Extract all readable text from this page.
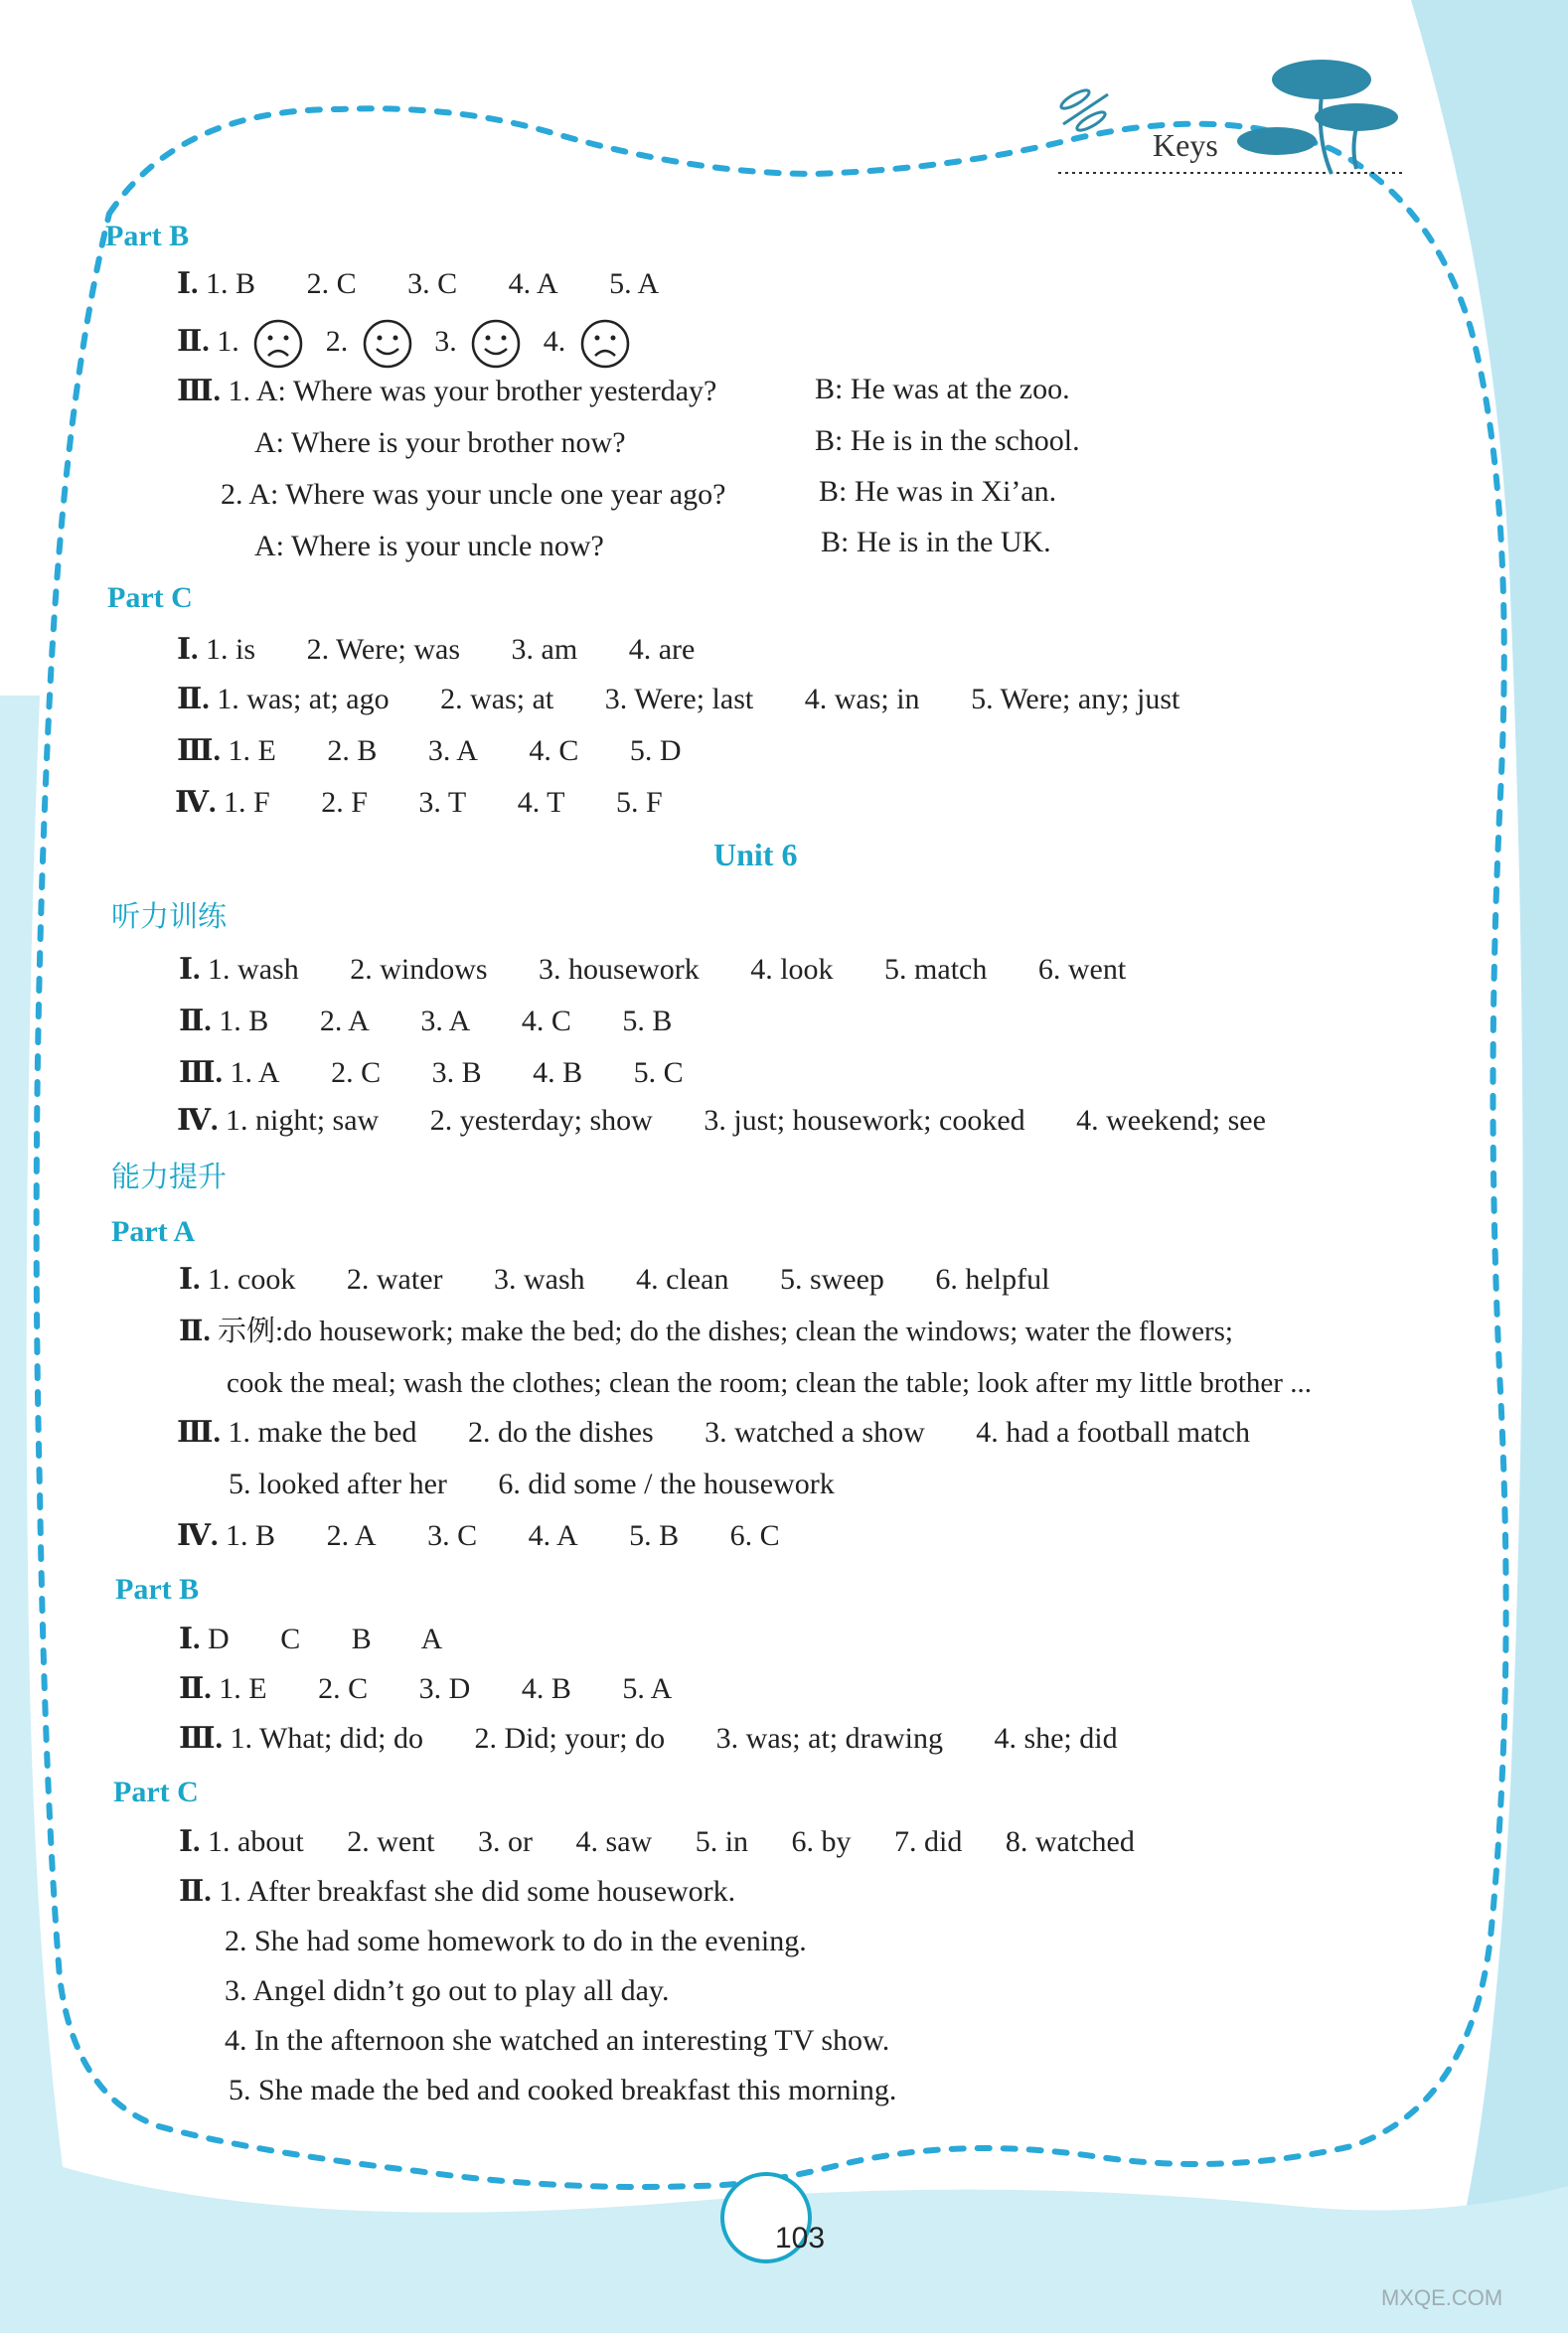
Keys
Part B
Ⅰ. 1. B 2. C 3. C 4. A 5. A
Ⅱ. 1.	2.	3.	4.
Ⅲ. 1. A: Where was your brother yesterday?	B: He was at the zoo.
A: Where is your brother now?	B: He is in the school.
2. A: Where was your uncle one year ago?	B: He was in Xi’an.
A: Where is your uncle now?	B: He is in the UK.
Part C
Ⅰ. 1. is 2. Were; was 3. am 4. are
Ⅱ. 1. was; at; ago 2. was; at 3. Were; last 4. was; in 5. Were; any; just
Ⅲ. 1. E 2. B 3. A 4. C 5. D
Ⅳ. 1. F 2. F 3. T 4. T 5. F
Unit 6
听力训练
Ⅰ. 1. wash 2. windows 3. housework 4. look 5. match 6. went
Ⅱ. 1. B 2. A 3. A 4. C 5. B
Ⅲ. 1. A 2. C 3. B 4. B 5. C
Ⅳ. 1. night; saw 2. yesterday; show 3. just; housework; cooked 4. weekend; see
能力提升
Part A
Ⅰ. 1. cook 2. water 3. wash 4. clean 5. sweep 6. helpful
Ⅱ. 示例:do housework; make the bed; do the dishes; clean the windows; water the flowers;
cook the meal; wash the clothes; clean the room; clean the table; look after my little brother ...
Ⅲ. 1. make the bed 2. do the dishes 3. watched a show 4. had a football match
5. looked after her 6. did some / the housework
Ⅳ. 1. B 2. A 3. C 4. A 5. B 6. C
Part B
Ⅰ. D C B A
Ⅱ. 1. E 2. C 3. D 4. B 5. A
Ⅲ. 1. What; did; do 2. Did; your; do 3. was; at; drawing 4. she; did
Part C
Ⅰ. 1. about 2. went 3. or 4. saw 5. in 6. by 7. did 8. watched
Ⅱ. 1. After breakfast she did some housework.
2. She had some homework to do in the evening.
3. Angel didn’t go out to play all day.
4. In the afternoon she watched an interesting TV show.
5. She made the bed and cooked breakfast this morning.
103
MXQE.COM
